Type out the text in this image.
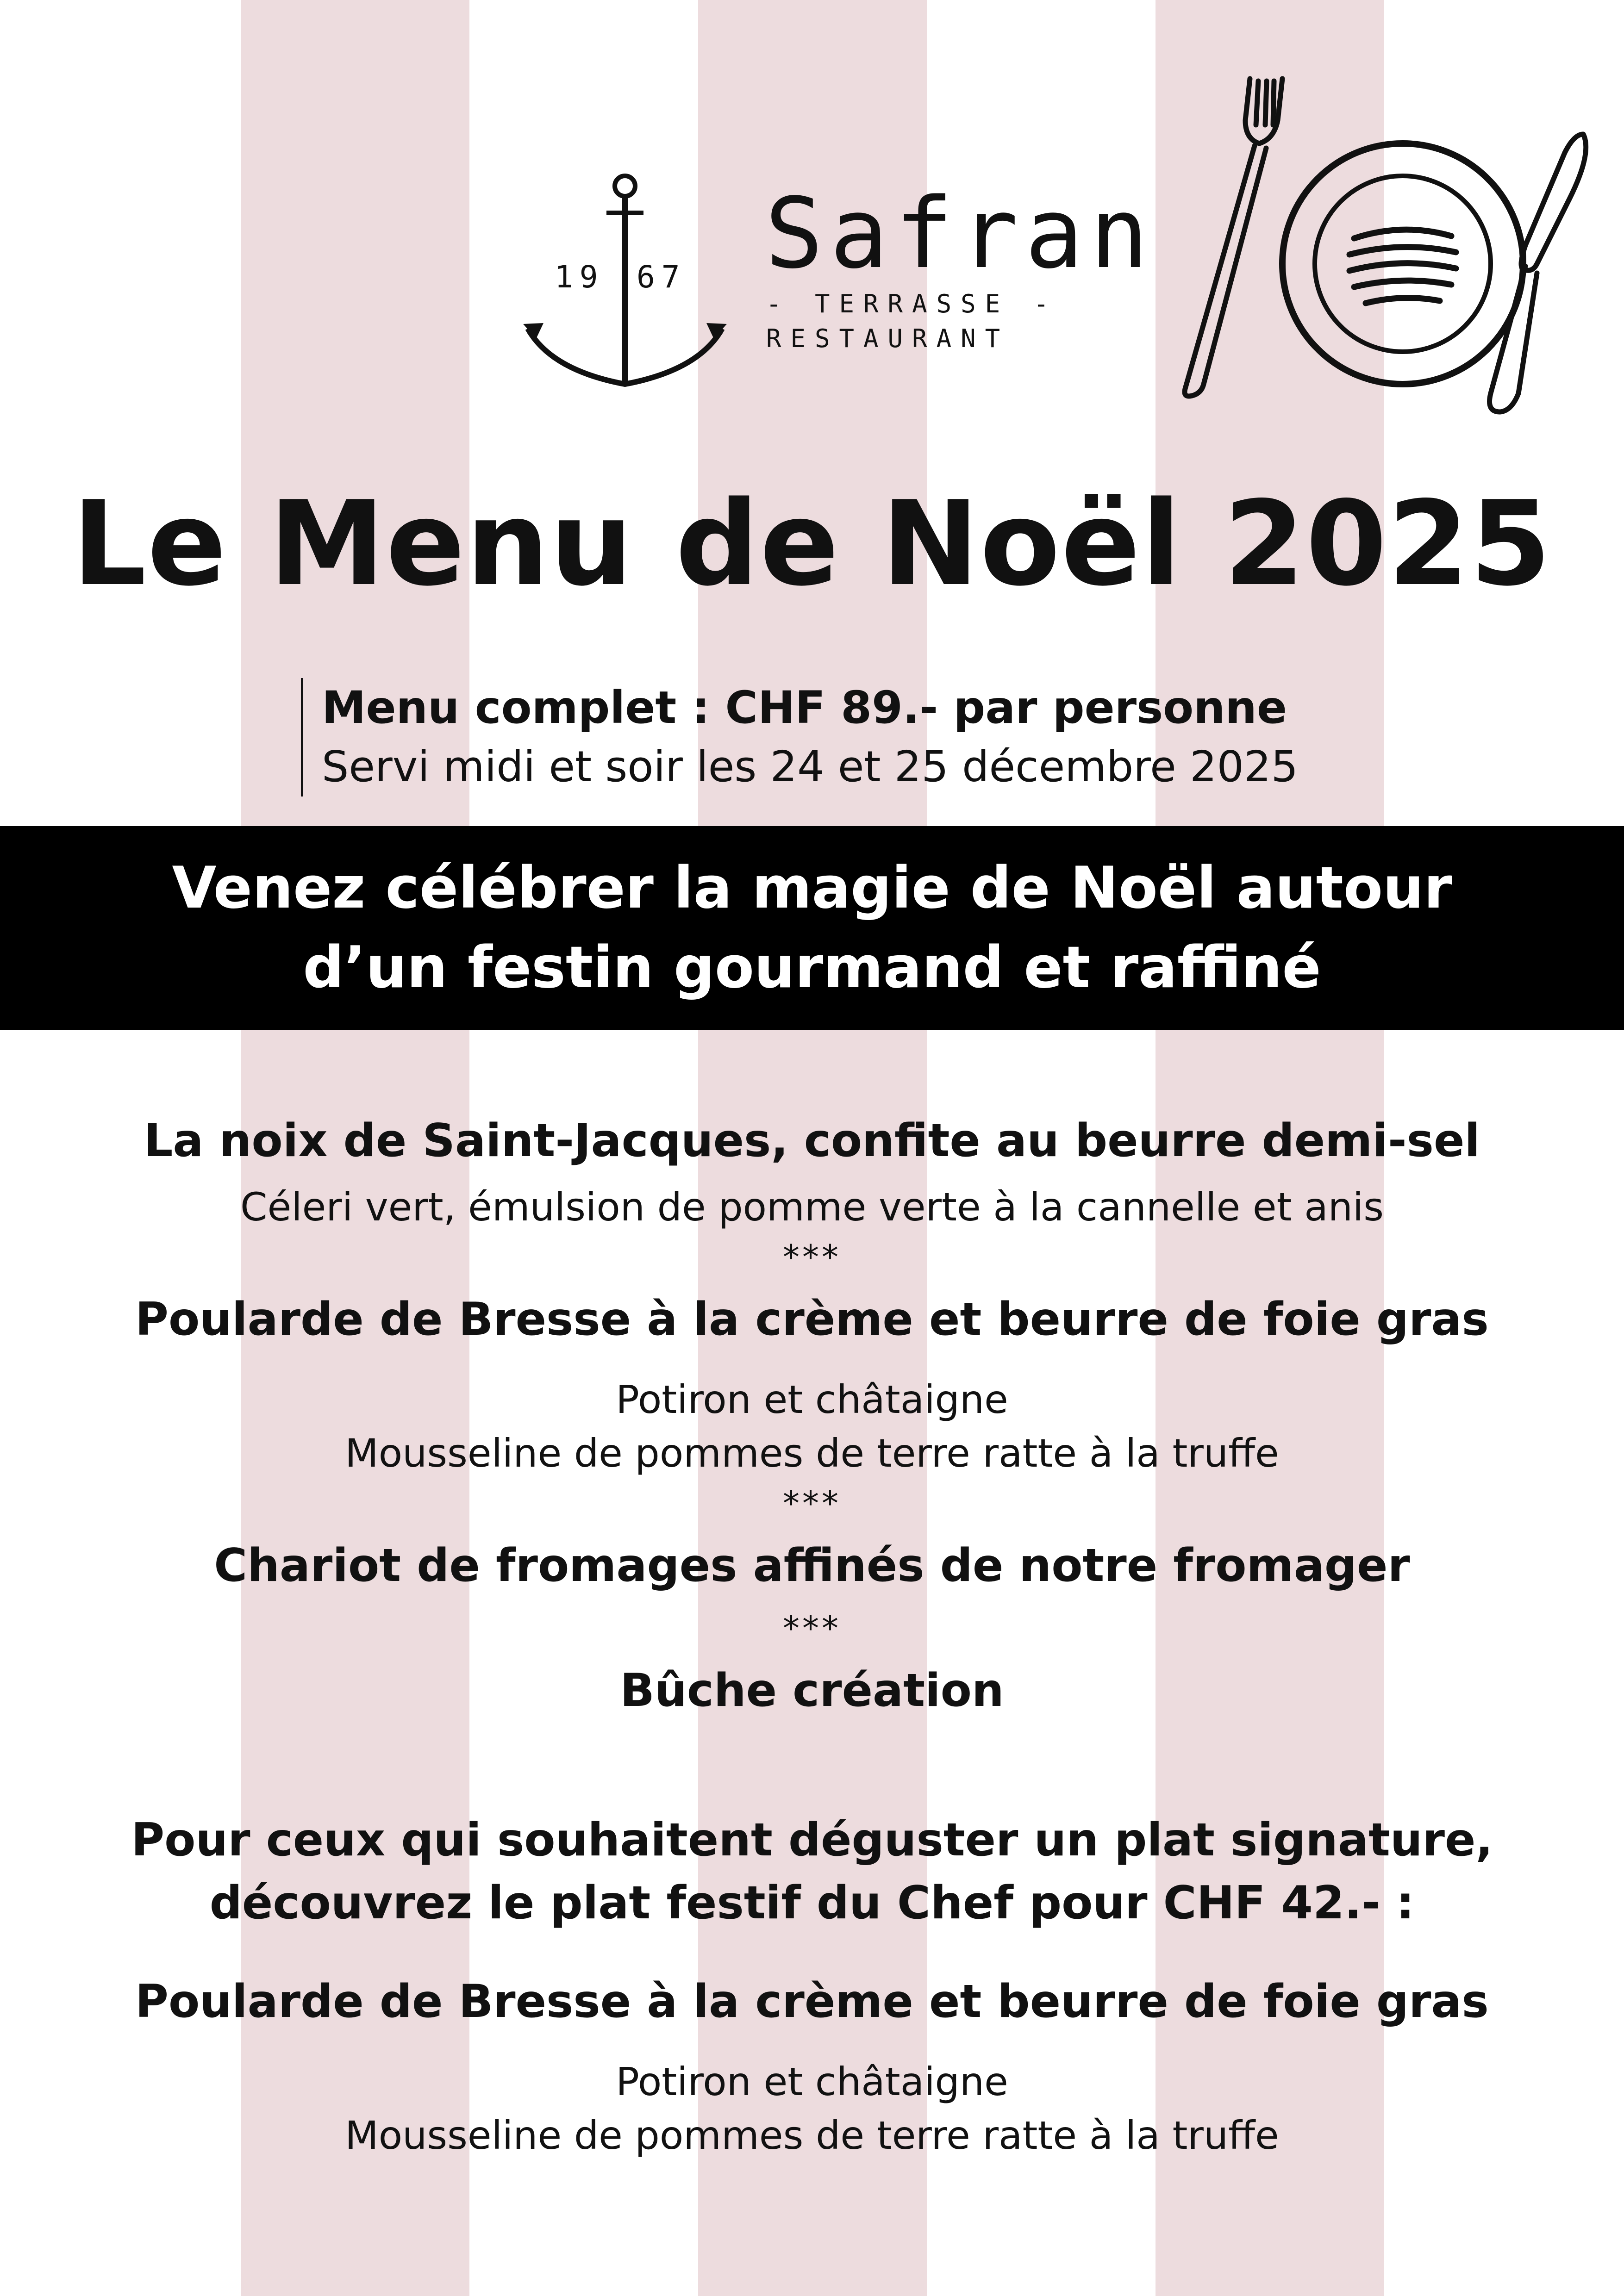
19 67 Safran
- TERRASSE -
RESTAURANT
Le Menu de Noël 2025
Menu complet : CHF 89.- par personne
Servi midi et soir les 24 et 25 décembre 2025
Venez célébrer la magie de Noël autour
d’un festin gourmand et raffiné
La noix de Saint-Jacques, confite au beurre demi-sel
Céleri vert, émulsion de pomme verte à la cannelle et anis
***
Poularde de Bresse à la crème et beurre de foie gras
Potiron et châtaigne
Mousseline de pommes de terre ratte à la truffe
***
Chariot de fromages affinés de notre fromager
***
Bûche création
Pour ceux qui souhaitent déguster un plat signature,
découvrez le plat festif du Chef pour CHF 42.- :
Poularde de Bresse à la crème et beurre de foie gras
Potiron et châtaigne
Mousseline de pommes de terre ratte à la truffe
